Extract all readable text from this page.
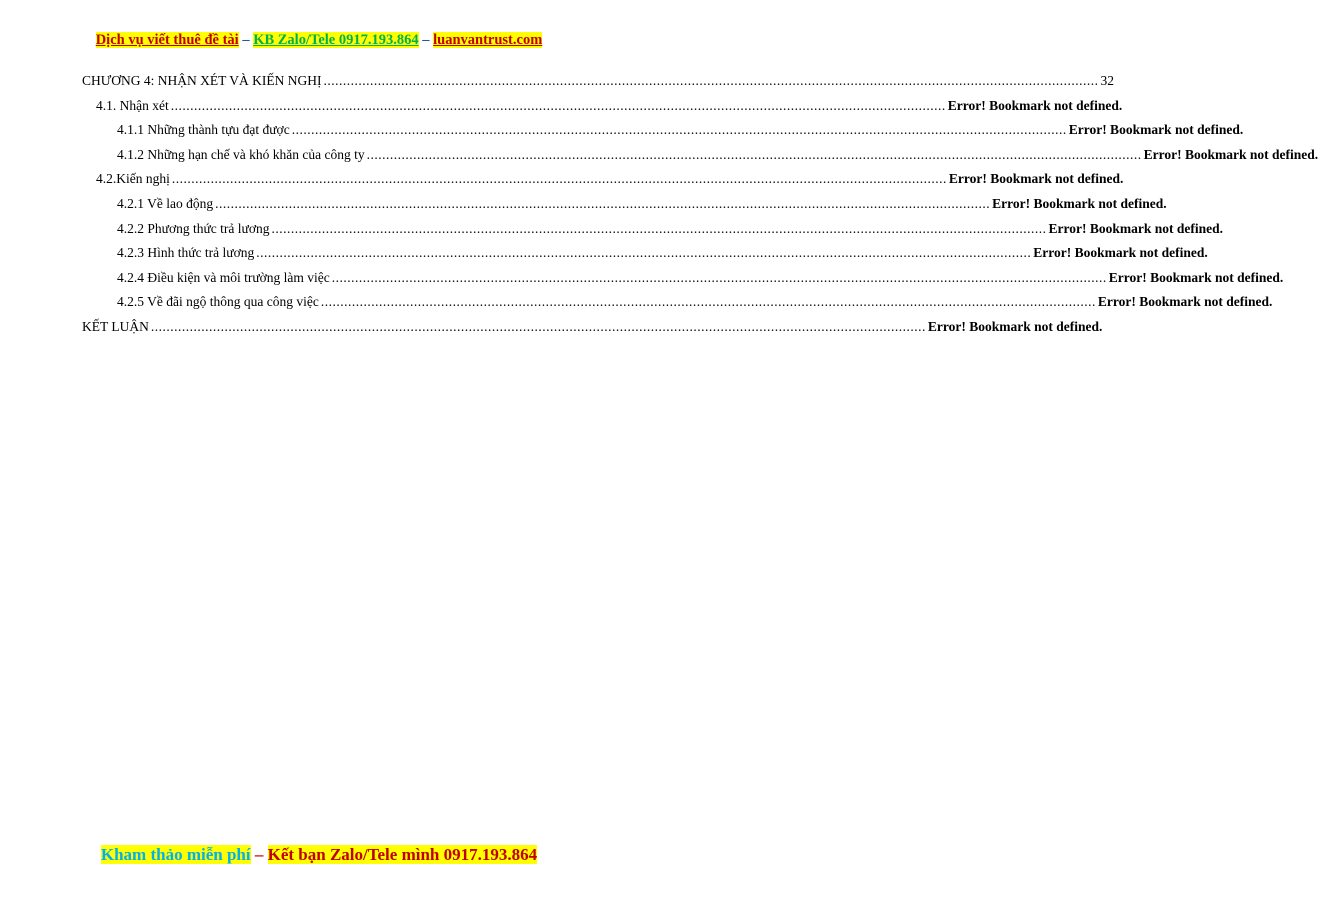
Dịch vụ viết thuê đề tài – KB Zalo/Tele 0917.193.864 – luanvantrust.com
CHƯƠNG 4: NHẬN XÉT VÀ KIẾN NGHỊ ........................................................................................................................................................................................................ 32
4.1. Nhận xét ........................................................................................................................................................................................................ Error! Bookmark not defined.
4.1.1 Những thành tựu đạt được ........................................................................................................................................................................................................ Error! Bookmark not defined.
4.1.2 Những hạn chế và khó khăn của công ty ........................................................................................................................................................................................................ Error! Bookmark not defined.
4.2.Kiến nghị ........................................................................................................................................................................................................ Error! Bookmark not defined.
4.2.1 Về lao động ........................................................................................................................................................................................................ Error! Bookmark not defined.
4.2.2 Phương thức trả lương ........................................................................................................................................................................................................ Error! Bookmark not defined.
4.2.3 Hình thức trả lương ........................................................................................................................................................................................................ Error! Bookmark not defined.
4.2.4 Điều kiện và môi trường làm việc ........................................................................................................................................................................................................ Error! Bookmark not defined.
4.2.5 Về đãi ngộ thông qua công việc ........................................................................................................................................................................................................ Error! Bookmark not defined.
KẾT LUẬN ........................................................................................................................................................................................................ Error! Bookmark not defined.
Kham thảo miễn phí – Kết bạn Zalo/Tele mình 0917.193.864
